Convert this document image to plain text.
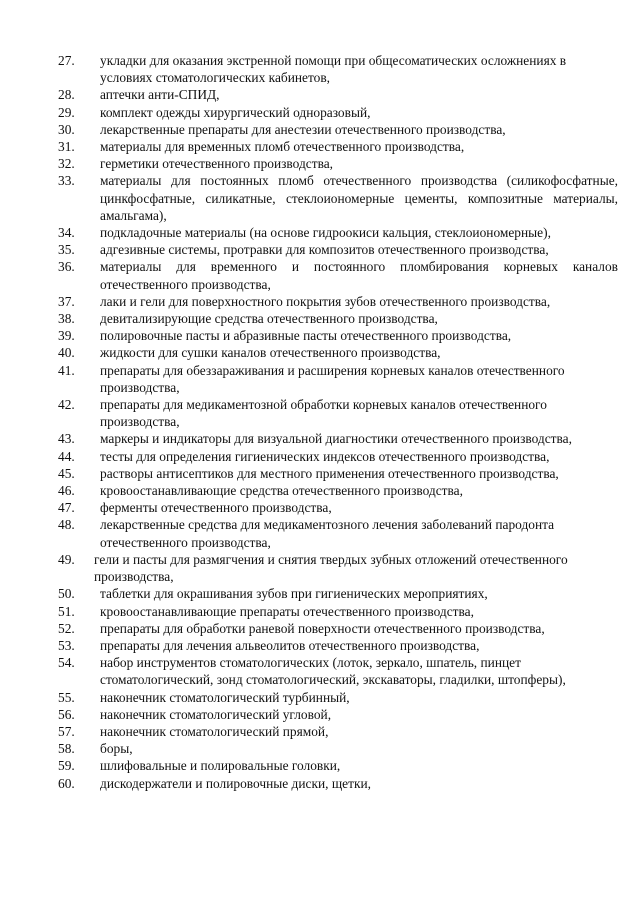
27.	укладки для оказания экстренной помощи при общесоматических осложнениях в условиях стоматологических кабинетов,
28.	аптечки анти-СПИД,
29.	комплект одежды хирургический одноразовый,
30.	лекарственные препараты для анестезии отечественного производства,
31.	материалы для временных пломб отечественного производства,
32.	герметики отечественного производства,
33.	материалы для постоянных пломб отечественного производства (силикофосфатные, цинкфосфатные, силикатные, стеклоиономерные цементы, композитные материалы, амальгама),
34.	подкладочные материалы (на основе гидроокиси кальция, стеклоиономерные),
35.	адгезивные системы, протравки для композитов отечественного производства,
36.	материалы для временного и постоянного пломбирования корневых каналов отечественного производства,
37.	лаки и гели для поверхностного покрытия зубов отечественного производства,
38.	девитализирующие средства отечественного производства,
39.	полировочные пасты и абразивные пасты отечественного производства,
40.	жидкости для сушки каналов отечественного производства,
41.	препараты для обеззараживания и расширения корневых каналов отечественного производства,
42.	препараты для медикаментозной обработки корневых каналов отечественного производства,
43.	маркеры и индикаторы для визуальной диагностики отечественного производства,
44.	тесты для определения гигиенических индексов отечественного производства,
45.	растворы антисептиков для местного применения отечественного производства,
46.	кровоостанавливающие средства отечественного производства,
47.	ферменты отечественного производства,
48.	лекарственные средства для медикаментозного лечения заболеваний пародонта отечественного производства,
49.	гели и пасты для размягчения и снятия твердых зубных отложений отечественного производства,
50.	таблетки для окрашивания зубов при гигиенических мероприятиях,
51.	кровоостанавливающие препараты отечественного производства,
52.	препараты для обработки раневой поверхности отечественного производства,
53.	препараты для лечения альвеолитов отечественного производства,
54.	набор инструментов стоматологических (лоток, зеркало, шпатель, пинцет стоматологический, зонд стоматологический, экскаваторы, гладилки, штопферы),
55.	наконечник стоматологический турбинный,
56.	наконечник стоматологический угловой,
57.	наконечник стоматологический прямой,
58.	боры,
59.	шлифовальные и полировальные головки,
60.	дискодержатели и полировочные диски, щетки,
